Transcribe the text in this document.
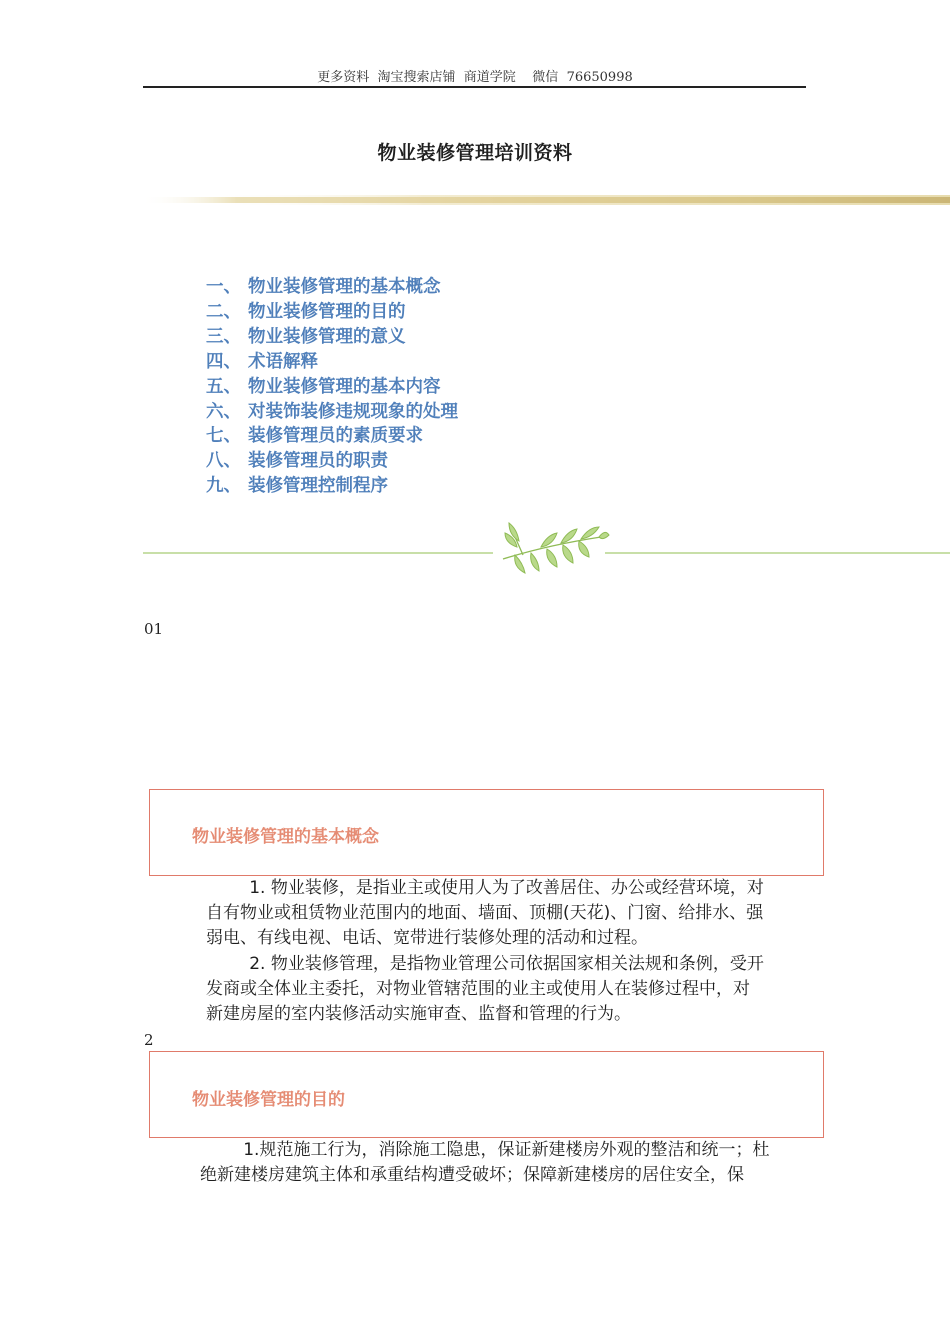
更多资料  淘宝搜索店铺  商道学院    微信  76650998
物业装修管理培训资料
一、 物业装修管理的基本概念
二、 物业装修管理的目的
三、 物业装修管理的意义
四、 术语解释
五、 物业装修管理的基本内容
六、 对装饰装修违规现象的处理
七、 装修管理员的素质要求
八、 装修管理员的职责
九、 装修管理控制程序
01
物业装修管理的基本概念
1. 物业装修，是指业主或使用人为了改善居住、办公或经营环境，对
自有物业或租赁物业范围内的地面、墙面、顶棚(天花)、门窗、给排水、强
弱电、有线电视、电话、宽带进行装修处理的活动和过程。
2. 物业装修管理，是指物业管理公司依据国家相关法规和条例，受开
发商或全体业主委托，对物业管辖范围的业主或使用人在装修过程中，对
新建房屋的室内装修活动实施审查、监督和管理的行为。
2
物业装修管理的目的
1.规范施工行为，消除施工隐患，保证新建楼房外观的整洁和统一；杜
绝新建楼房建筑主体和承重结构遭受破坏；保障新建楼房的居住安全，保
